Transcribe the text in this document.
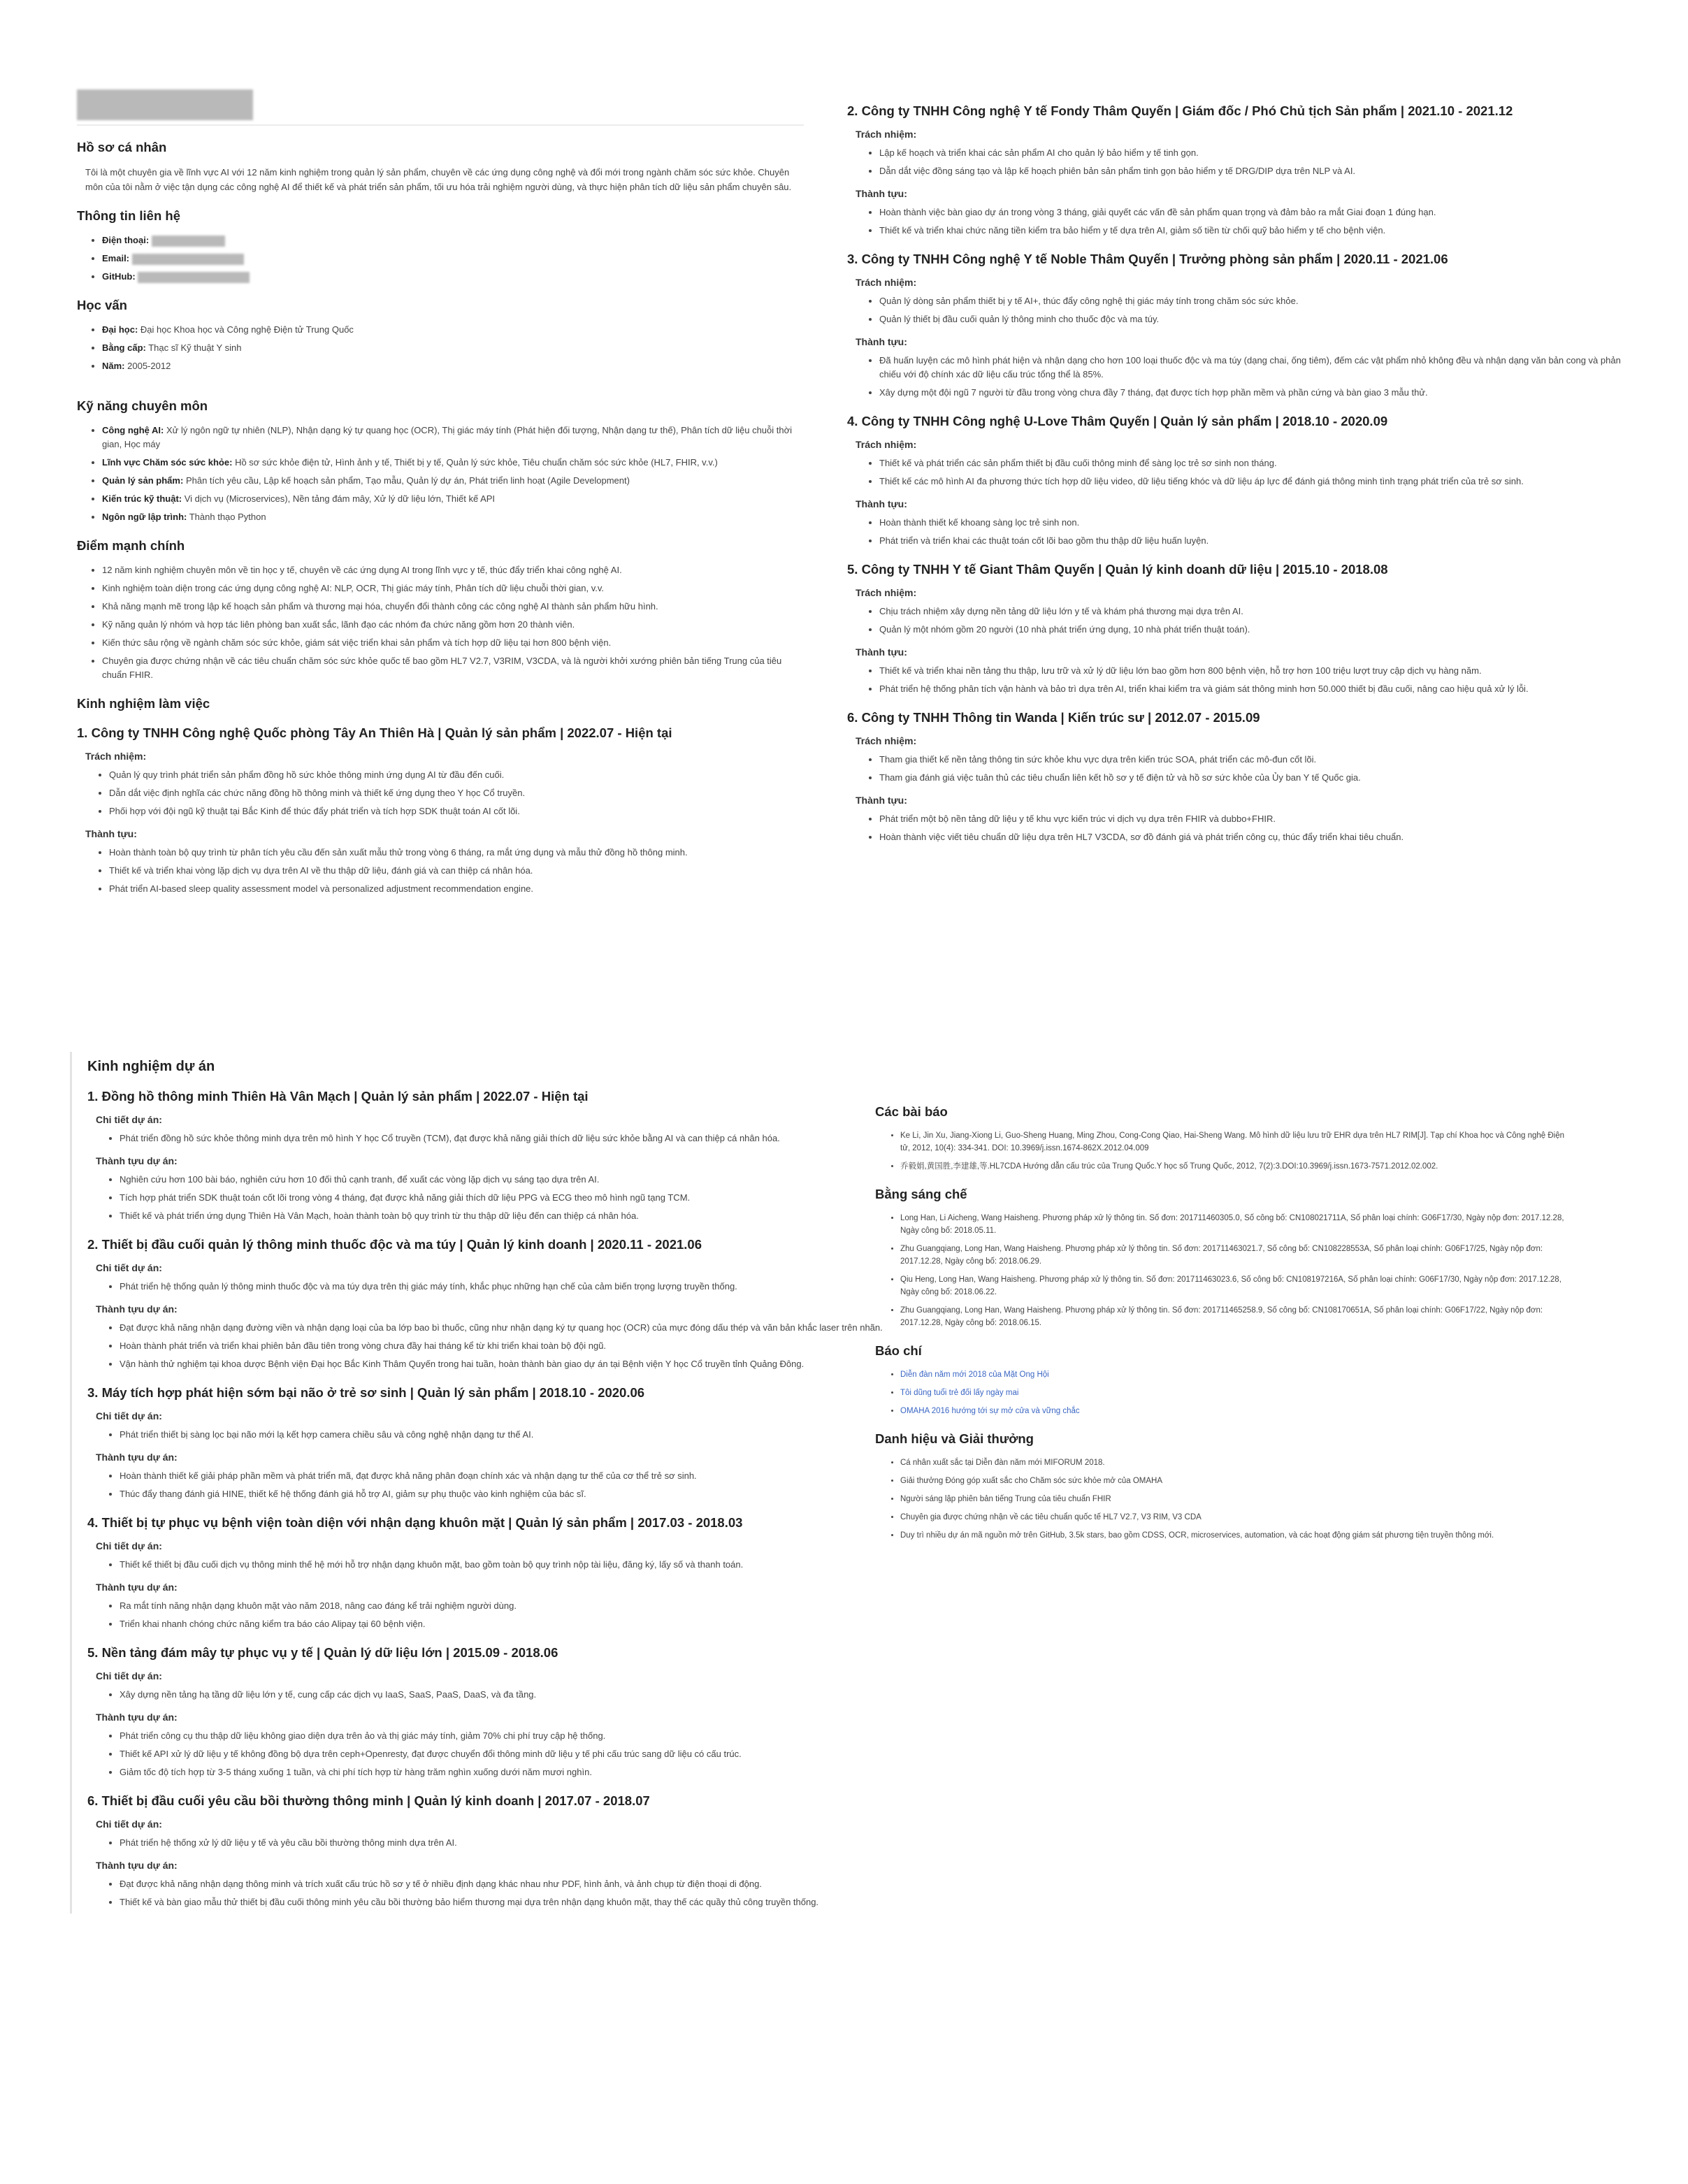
Hồ sơ cá nhân

Tôi là một chuyên gia về lĩnh vực AI với 12 năm kinh nghiệm trong quản lý sản phẩm, chuyên về các ứng dụng công nghệ và đổi mới trong ngành chăm sóc sức khỏe. Chuyên môn của tôi nằm ở việc tận dụng các công nghệ AI để thiết kế và phát triển sản phẩm, tối ưu hóa trải nghiệm người dùng, và thực hiện phân tích dữ liệu sản phẩm chuyên sâu.

Thông tin liên hệ
• Điện thoại:
• Email:
• GitHub:
Học vấn
• Đại học: Đại học Khoa học và Công nghệ Điện tử Trung Quốc
• Bằng cấp: Thạc sĩ Kỹ thuật Y sinh
• Năm: 2005-2012
Kỹ năng chuyên môn
• Công nghệ AI: Xử lý ngôn ngữ tự nhiên (NLP), Nhận dạng ký tự quang học (OCR), Thị giác máy tính (Phát hiện đối tượng, Nhận dạng tư thế), Phân tích dữ liệu chuỗi thời gian, Học máy
• Lĩnh vực Chăm sóc sức khỏe: Hồ sơ sức khỏe điện tử, Hình ảnh y tế, Thiết bị y tế, Quản lý sức khỏe, Tiêu chuẩn chăm sóc sức khỏe (HL7, FHIR, v.v.)
• Quản lý sản phẩm: Phân tích yêu cầu, Lập kế hoạch sản phẩm, Tạo mẫu, Quản lý dự án, Phát triển linh hoạt (Agile Development)
• Kiến trúc kỹ thuật: Vi dịch vụ (Microservices), Nền tảng đám mây, Xử lý dữ liệu lớn, Thiết kế API
• Ngôn ngữ lập trình: Thành thạo Python
Điểm mạnh chính
• 12 năm kinh nghiệm chuyên môn về tin học y tế, chuyên về các ứng dụng AI trong lĩnh vực y tế, thúc đẩy triển khai công nghệ AI.
• Kinh nghiệm toàn diện trong các ứng dụng công nghệ AI: NLP, OCR, Thị giác máy tính, Phân tích dữ liệu chuỗi thời gian, v.v.
• Khả năng mạnh mẽ trong lập kế hoạch sản phẩm và thương mại hóa, chuyển đổi thành công các công nghệ AI thành sản phẩm hữu hình.
• Kỹ năng quản lý nhóm và hợp tác liên phòng ban xuất sắc, lãnh đạo các nhóm đa chức năng gồm hơn 20 thành viên.
• Kiến thức sâu rộng về ngành chăm sóc sức khỏe, giám sát việc triển khai sản phẩm và tích hợp dữ liệu tại hơn 800 bệnh viện.
• Chuyên gia được chứng nhận về các tiêu chuẩn chăm sóc sức khỏe quốc tế bao gồm HL7 V2.7, V3RIM, V3CDA, và là người khởi xướng phiên bản tiếng Trung của tiêu chuẩn FHIR.
Kinh nghiệm làm việc
1. Công ty TNHH Công nghệ Quốc phòng Tây An Thiên Hà | Quản lý sản phẩm | 2022.07 - Hiện tại
Trách nhiệm:
• Quản lý quy trình phát triển sản phẩm đồng hồ sức khỏe thông minh ứng dụng AI từ đầu đến cuối.
• Dẫn dắt việc định nghĩa các chức năng đồng hồ thông minh và thiết kế ứng dụng theo Y học Cổ truyền.
• Phối hợp với đội ngũ kỹ thuật tại Bắc Kinh để thúc đẩy phát triển và tích hợp SDK thuật toán AI cốt lõi.
Thành tựu:
• Hoàn thành toàn bộ quy trình từ phân tích yêu cầu đến sản xuất mẫu thử trong vòng 6 tháng, ra mắt ứng dụng và mẫu thử đồng hồ thông minh.
• Thiết kế và triển khai vòng lặp dịch vụ dựa trên AI về thu thập dữ liệu, đánh giá và can thiệp cá nhân hóa.
• Phát triển AI-based sleep quality assessment model và personalized adjustment recommendation engine.
2. Công ty TNHH Công nghệ Y tế Fondy Thâm Quyến | Giám đốc / Phó Chủ tịch Sản phẩm | 2021.10 - 2021.12
Trách nhiệm:
• Lập kế hoạch và triển khai các sản phẩm AI cho quản lý bảo hiểm y tế tinh gọn.
• Dẫn dắt việc đồng sáng tạo và lập kế hoạch phiên bản sản phẩm tinh gọn bảo hiểm y tế DRG/DIP dựa trên NLP và AI.
Thành tựu:
• Hoàn thành việc bàn giao dự án trong vòng 3 tháng, giải quyết các vấn đề sản phẩm quan trọng và đảm bảo ra mắt Giai đoạn 1 đúng hạn.
• Thiết kế và triển khai chức năng tiền kiểm tra bảo hiểm y tế dựa trên AI, giảm số tiền từ chối quỹ bảo hiểm y tế cho bệnh viện.
3. Công ty TNHH Công nghệ Y tế Noble Thâm Quyến | Trưởng phòng sản phẩm | 2020.11 - 2021.06
Trách nhiệm:
• Quản lý dòng sản phẩm thiết bị y tế AI+, thúc đẩy công nghệ thị giác máy tính trong chăm sóc sức khỏe.
• Quản lý thiết bị đầu cuối quản lý thông minh cho thuốc độc và ma túy.
Thành tựu:
• Đã huấn luyện các mô hình phát hiện và nhận dạng cho hơn 100 loại thuốc độc và ma túy (dạng chai, ống tiêm), đếm các vật phẩm nhỏ không đều và nhận dạng văn bản cong và phản chiếu với độ chính xác dữ liệu cấu trúc tổng thể là 85%.
• Xây dựng một đội ngũ 7 người từ đầu trong vòng chưa đầy 7 tháng, đạt được tích hợp phần mềm và phần cứng và bàn giao 3 mẫu thử.
4. Công ty TNHH Công nghệ U-Love Thâm Quyến | Quản lý sản phẩm | 2018.10 - 2020.09
Trách nhiệm:
• Thiết kế và phát triển các sản phẩm thiết bị đầu cuối thông minh để sàng lọc trẻ sơ sinh non tháng.
• Thiết kế các mô hình AI đa phương thức tích hợp dữ liệu video, dữ liệu tiếng khóc và dữ liệu áp lực để đánh giá thông minh tình trạng phát triển của trẻ sơ sinh.
Thành tựu:
• Hoàn thành thiết kế khoang sàng lọc trẻ sinh non.
• Phát triển và triển khai các thuật toán cốt lõi bao gồm thu thập dữ liệu huấn luyện.
5. Công ty TNHH Y tế Giant Thâm Quyến | Quản lý kinh doanh dữ liệu | 2015.10 - 2018.08
Trách nhiệm:
• Chịu trách nhiệm xây dựng nền tảng dữ liệu lớn y tế và khám phá thương mại dựa trên AI.
• Quản lý một nhóm gồm 20 người (10 nhà phát triển ứng dụng, 10 nhà phát triển thuật toán).
Thành tựu:
• Thiết kế và triển khai nền tảng thu thập, lưu trữ và xử lý dữ liệu lớn bao gồm hơn 800 bệnh viện, hỗ trợ hơn 100 triệu lượt truy cập dịch vụ hàng năm.
• Phát triển hệ thống phân tích vận hành và bảo trì dựa trên AI, triển khai kiểm tra và giám sát thông minh hơn 50.000 thiết bị đầu cuối, nâng cao hiệu quả xử lý lỗi.
6. Công ty TNHH Thông tin Wanda | Kiến trúc sư | 2012.07 - 2015.09
Trách nhiệm:
• Tham gia thiết kế nền tảng thông tin sức khỏe khu vực dựa trên kiến trúc SOA, phát triển các mô-đun cốt lõi.
• Tham gia đánh giá việc tuân thủ các tiêu chuẩn liên kết hồ sơ y tế điện tử và hồ sơ sức khỏe của Ủy ban Y tế Quốc gia.
Thành tựu:
• Phát triển một bộ nền tảng dữ liệu y tế khu vực kiến trúc vi dịch vụ dựa trên FHIR và dubbo+FHIR.
• Hoàn thành việc viết tiêu chuẩn dữ liệu dựa trên HL7 V3CDA, sơ đồ đánh giá và phát triển công cụ, thúc đẩy triển khai tiêu chuẩn.
Kinh nghiệm dự án
1. Đồng hồ thông minh Thiên Hà Vân Mạch | Quản lý sản phẩm | 2022.07 - Hiện tại
Chi tiết dự án:
• Phát triển đồng hồ sức khỏe thông minh dựa trên mô hình Y học Cổ truyền (TCM), đạt được khả năng giải thích dữ liệu sức khỏe bằng AI và can thiệp cá nhân hóa.
Thành tựu dự án:
• Nghiên cứu hơn 100 bài báo, nghiên cứu hơn 10 đối thủ cạnh tranh, để xuất các vòng lặp dịch vụ sáng tạo dựa trên AI.
• Tích hợp phát triển SDK thuật toán cốt lõi trong vòng 4 tháng, đạt được khả năng giải thích dữ liệu PPG và ECG theo mô hình ngũ tạng TCM.
• Thiết kế và phát triển ứng dụng Thiên Hà Vân Mạch, hoàn thành toàn bộ quy trình từ thu thập dữ liệu đến can thiệp cá nhân hóa.
2. Thiết bị đầu cuối quản lý thông minh thuốc độc và ma túy | Quản lý kinh doanh | 2020.11 - 2021.06
Chi tiết dự án:
• Phát triển hệ thống quản lý thông minh thuốc độc và ma túy dựa trên thị giác máy tính, khắc phục những hạn chế của cảm biến trọng lượng truyền thống.
Thành tựu dự án:
• Đạt được khả năng nhận dạng đường viền và nhận dạng loại của ba lớp bao bì thuốc, cũng như nhận dạng ký tự quang học (OCR) của mực đóng dấu thép và văn bản khắc laser trên nhãn.
• Hoàn thành phát triển và triển khai phiên bản đầu tiên trong vòng chưa đầy hai tháng kể từ khi triển khai toàn bộ đội ngũ.
• Vận hành thử nghiệm tại khoa dược Bệnh viện Đại học Bắc Kinh Thâm Quyến trong hai tuần, hoàn thành bàn giao dự án tại Bệnh viện Y học Cổ truyền tỉnh Quảng Đông.
3. Máy tích hợp phát hiện sớm bại não ở trẻ sơ sinh | Quản lý sản phẩm | 2018.10 - 2020.06
Chi tiết dự án:
• Phát triển thiết bị sàng lọc bại não mới lạ kết hợp camera chiều sâu và công nghệ nhận dạng tư thế AI.
Thành tựu dự án:
• Hoàn thành thiết kế giải pháp phần mềm và phát triển mã, đạt được khả năng phân đoạn chính xác và nhận dạng tư thế của cơ thể trẻ sơ sinh.
• Thúc đẩy thang đánh giá HINE, thiết kế hệ thống đánh giá hỗ trợ AI, giảm sự phụ thuộc vào kinh nghiệm của bác sĩ.
4. Thiết bị tự phục vụ bệnh viện toàn diện với nhận dạng khuôn mặt | Quản lý sản phẩm | 2017.03 - 2018.03
Chi tiết dự án:
• Thiết kế thiết bị đầu cuối dịch vụ thông minh thế hệ mới hỗ trợ nhận dạng khuôn mặt, bao gồm toàn bộ quy trình nộp tài liệu, đăng ký, lấy số và thanh toán.
Thành tựu dự án:
• Ra mắt tính năng nhận dạng khuôn mặt vào năm 2018, nâng cao đáng kể trải nghiệm người dùng.
• Triển khai nhanh chóng chức năng kiểm tra báo cáo Alipay tại 60 bệnh viện.
5. Nền tảng đám mây tự phục vụ y tế | Quản lý dữ liệu lớn | 2015.09 - 2018.06
Chi tiết dự án:
• Xây dựng nền tảng hạ tầng dữ liệu lớn y tế, cung cấp các dịch vụ IaaS, SaaS, PaaS, DaaS, và đa tầng.
Thành tựu dự án:
• Phát triển công cụ thu thập dữ liệu không giao diện dựa trên ảo và thị giác máy tính, giảm 70% chi phí truy cập hệ thống.
• Thiết kế API xử lý dữ liệu y tế không đồng bộ dựa trên ceph+Openresty, đạt được chuyển đổi thông minh dữ liệu y tế phi cấu trúc sang dữ liệu có cấu trúc.
• Giảm tốc độ tích hợp từ 3-5 tháng xuống 1 tuần, và chi phí tích hợp từ hàng trăm nghìn xuống dưới năm mươi nghìn.
6. Thiết bị đầu cuối yêu cầu bồi thường thông minh | Quản lý kinh doanh | 2017.07 - 2018.07
Chi tiết dự án:
• Phát triển hệ thống xử lý dữ liệu y tế và yêu cầu bồi thường thông minh dựa trên AI.
Thành tựu dự án:
• Đạt được khả năng nhận dạng thông minh và trích xuất cấu trúc hồ sơ y tế ở nhiều định dạng khác nhau như PDF, hình ảnh, và ảnh chụp từ điện thoại di động.
• Thiết kế và bàn giao mẫu thử thiết bị đầu cuối thông minh yêu cầu bồi thường bảo hiểm thương mại dựa trên nhận dạng khuôn mặt, thay thế các quầy thủ công truyền thống.
Các bài báo
• Ke Li, Jin Xu, Jiang-Xiong Li, Guo-Sheng Huang, Ming Zhou, Cong-Cong Qiao, Hai-Sheng Wang. Mô hình dữ liệu lưu trữ EHR dựa trên HL7 RIM[J]. Tạp chí Khoa học và Công nghệ Điện tử, 2012, 10(4): 334-341. DOI: 10.3969/j.issn.1674-862X.2012.04.009
• 乔毅娟,黄国胜,李建雄,等.HL7CDA Hướng dẫn cấu trúc của Trung Quốc.Y học số Trung Quốc, 2012, 7(2):3.DOI:10.3969/j.issn.1673-7571.2012.02.002.
Bằng sáng chế
• Long Han, Li Aicheng, Wang Haisheng. Phương pháp xử lý thông tin. Số đơn: 201711460305.0, Số công bố: CN108021711A, Số phân loại chính: G06F17/30, Ngày nộp đơn: 2017.12.28, Ngày công bố: 2018.05.11.
• Zhu Guangqiang, Long Han, Wang Haisheng. Phương pháp xử lý thông tin. Số đơn: 201711463021.7, Số công bố: CN108228553A, Số phân loại chính: G06F17/25, Ngày nộp đơn: 2017.12.28, Ngày công bố: 2018.06.29.
• Qiu Heng, Long Han, Wang Haisheng. Phương pháp xử lý thông tin. Số đơn: 201711463023.6, Số công bố: CN108197216A, Số phân loại chính: G06F17/30, Ngày nộp đơn: 2017.12.28, Ngày công bố: 2018.06.22.
• Zhu Guangqiang, Long Han, Wang Haisheng. Phương pháp xử lý thông tin. Số đơn: 201711465258.9, Số công bố: CN108170651A, Số phân loại chính: G06F17/22, Ngày nộp đơn: 2017.12.28, Ngày công bố: 2018.06.15.
Báo chí
• Diễn đàn năm mới 2018 của Mặt Ong Hội
• Tôi dũng tuổi trẻ đối lấy ngày mai
• OMAHA 2016 hướng tới sự mở cửa và vững chắc
Danh hiệu và Giải thưởng
• Cá nhân xuất sắc tại Diễn đàn năm mới MIFORUM 2018.
• Giải thưởng Đóng góp xuất sắc cho Chăm sóc sức khỏe mở của OMAHA
• Người sáng lập phiên bản tiếng Trung của tiêu chuẩn FHIR
• Chuyên gia được chứng nhận về các tiêu chuẩn quốc tế HL7 V2.7, V3 RIM, V3 CDA
• Duy trì nhiều dự án mã nguồn mở trên GitHub, 3.5k stars, bao gồm CDSS, OCR, microservices, automation, và các hoạt động giám sát phương tiện truyền thông mới.
